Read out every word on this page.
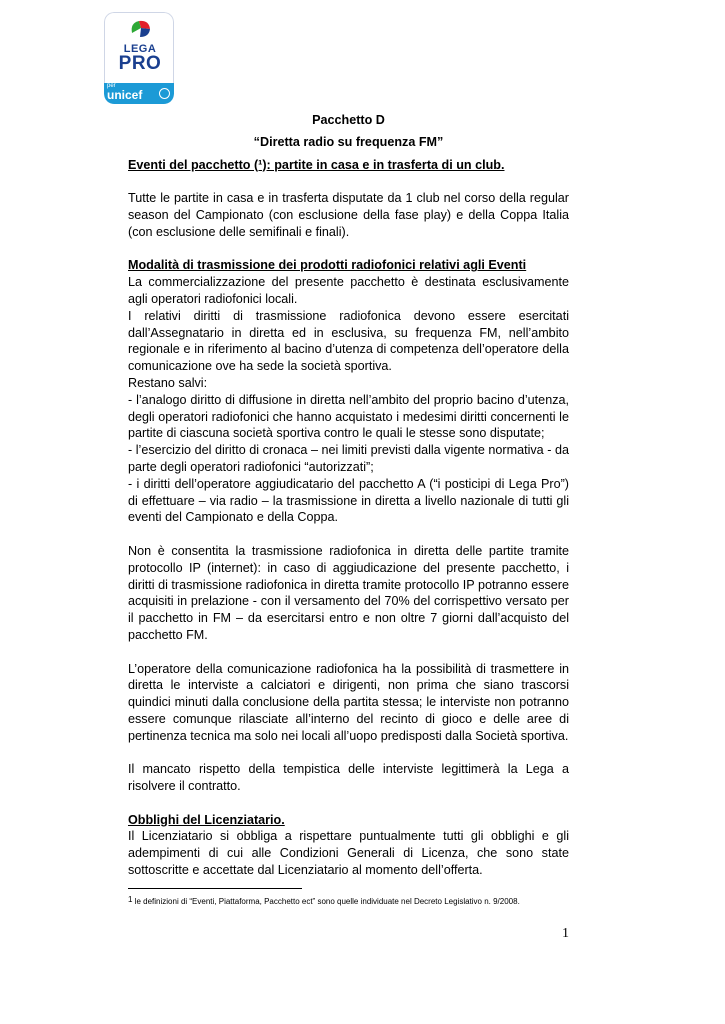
LEGA
PRO
per
unicef

Pacchetto D

“Diretta radio su frequenza FM”

Eventi del pacchetto (¹): partite in casa e in trasferta di un club.

Tutte le partite in casa e in trasferta disputate da 1 club nel corso della regular season del Campionato (con esclusione della fase play) e della Coppa Italia (con esclusione delle semifinali e finali).

Modalità di trasmissione dei prodotti radiofonici relativi agli Eventi

La commercializzazione del presente pacchetto è destinata esclusivamente agli operatori radiofonici locali.

I relativi diritti di trasmissione radiofonica devono essere esercitati dall’Assegnatario in diretta ed in esclusiva, su frequenza FM, nell’ambito regionale e in riferimento al bacino d’utenza di competenza dell’operatore della comunicazione ove ha sede la società sportiva.

Restano salvi:

- l’analogo diritto di diffusione in diretta nell’ambito del proprio bacino d’utenza, degli operatori radiofonici che hanno acquistato i medesimi diritti concernenti le partite di ciascuna società sportiva contro le quali le stesse sono disputate;

- l’esercizio del diritto di cronaca – nei limiti previsti dalla vigente normativa - da parte degli operatori radiofonici “autorizzati”;

- i diritti dell’operatore aggiudicatario del pacchetto A (“i posticipi di Lega Pro”) di effettuare – via radio – la trasmissione in diretta a livello nazionale di tutti gli eventi del Campionato e della Coppa.

Non è consentita la trasmissione radiofonica in diretta delle partite tramite protocollo IP (internet): in caso di aggiudicazione del presente pacchetto, i diritti di trasmissione radiofonica in diretta tramite protocollo IP potranno essere acquisiti in prelazione - con il versamento del 70% del corrispettivo versato per il pacchetto in FM – da esercitarsi entro e non oltre 7 giorni dall’acquisto del pacchetto FM.

L’operatore della comunicazione radiofonica ha la possibilità di trasmettere in diretta le interviste a calciatori e dirigenti, non prima che siano trascorsi quindici minuti dalla conclusione della partita stessa; le interviste non potranno essere comunque rilasciate all’interno del recinto di gioco e delle aree di pertinenza tecnica ma solo nei locali all’uopo predisposti dalla Società sportiva.

Il mancato rispetto della tempistica delle interviste legittimerà la Lega a risolvere il contratto.

Obblighi del Licenziatario.

Il Licenziatario si obbliga a rispettare puntualmente tutti gli obblighi e gli adempimenti di cui alle Condizioni Generali di Licenza, che sono state sottoscritte e accettate dal Licenziatario al momento dell’offerta.

$^1$ le definizioni di “Eventi, Piattaforma, Pacchetto ect” sono quelle individuate nel Decreto Legislativo n. 9/2008.
1
